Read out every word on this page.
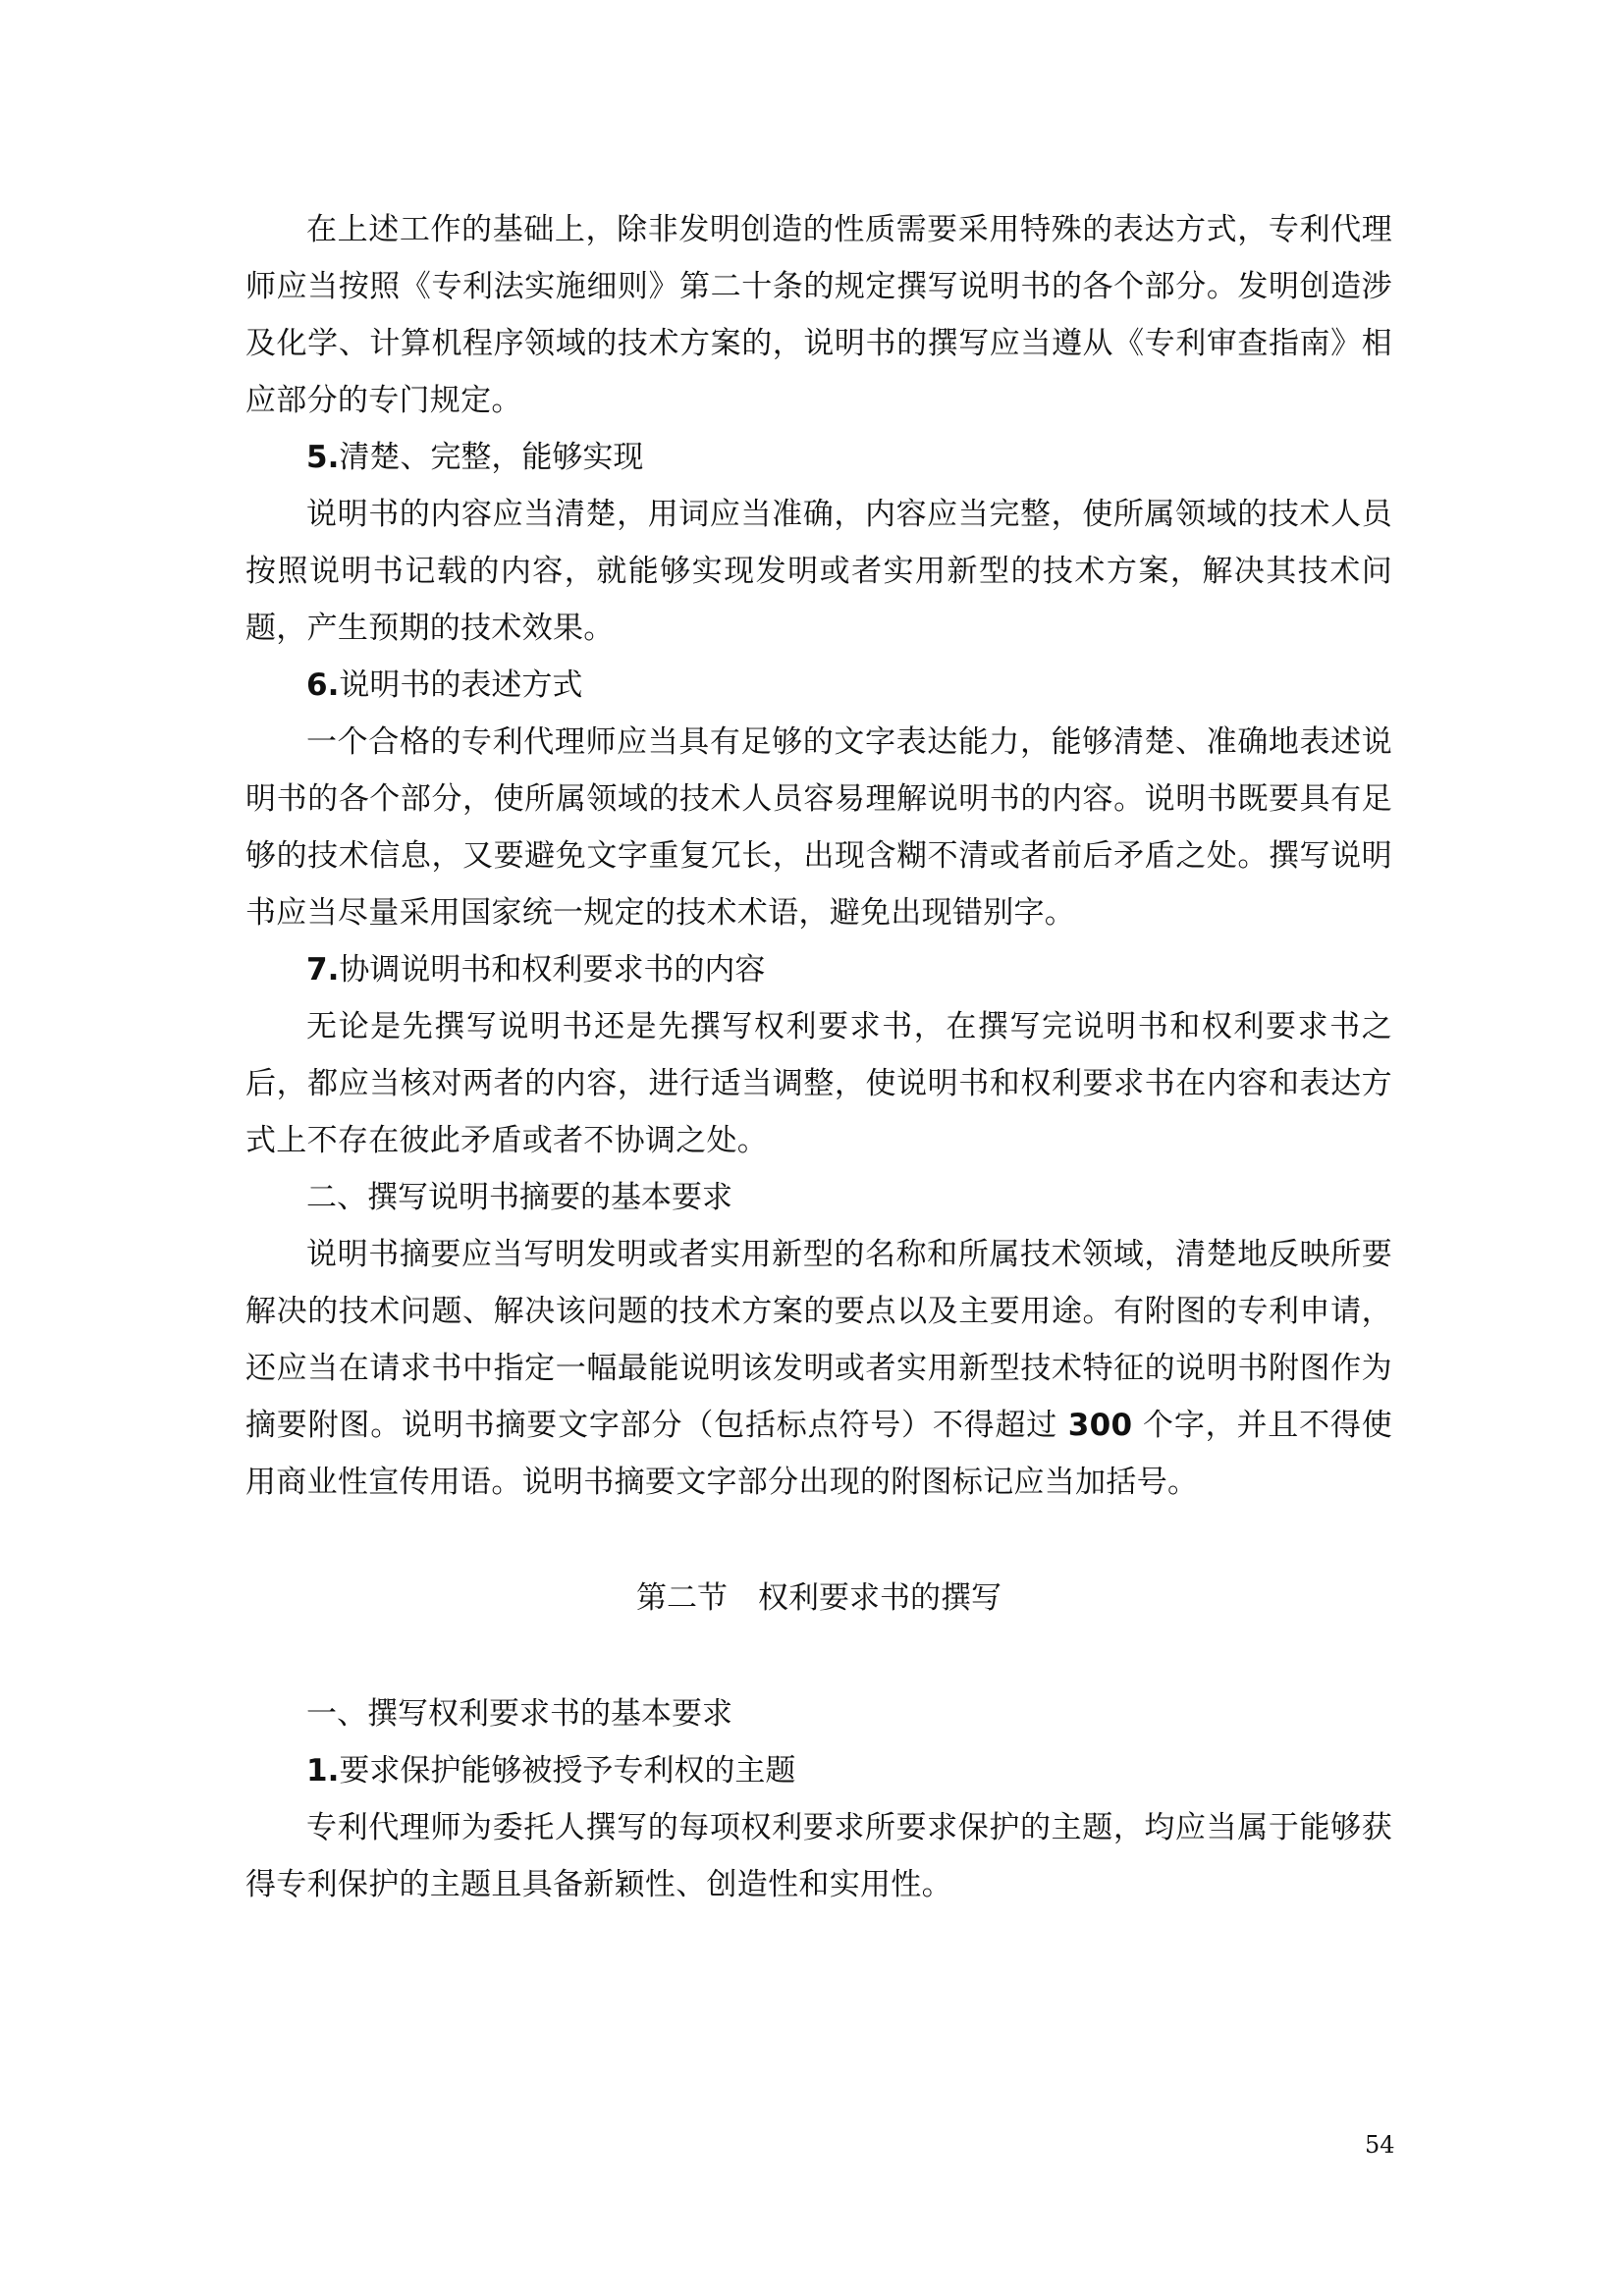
在上述工作的基础上，除非发明创造的性质需要采用特殊的表达方式，专利代理师应当按照《专利法实施细则》第二十条的规定撰写说明书的各个部分。发明创造涉及化学、计算机程序领域的技术方案的，说明书的撰写应当遵从《专利审查指南》相应部分的专门规定。

5.清楚、完整，能够实现

说明书的内容应当清楚，用词应当准确，内容应当完整，使所属领域的技术人员按照说明书记载的内容，就能够实现发明或者实用新型的技术方案，解决其技术问题，产生预期的技术效果。

6.说明书的表述方式

一个合格的专利代理师应当具有足够的文字表达能力，能够清楚、准确地表述说明书的各个部分，使所属领域的技术人员容易理解说明书的内容。说明书既要具有足够的技术信息，又要避免文字重复冗长，出现含糊不清或者前后矛盾之处。撰写说明书应当尽量采用国家统一规定的技术术语，避免出现错别字。

7.协调说明书和权利要求书的内容

无论是先撰写说明书还是先撰写权利要求书，在撰写完说明书和权利要求书之后，都应当核对两者的内容，进行适当调整，使说明书和权利要求书在内容和表达方式上不存在彼此矛盾或者不协调之处。

二、撰写说明书摘要的基本要求

说明书摘要应当写明发明或者实用新型的名称和所属技术领域，清楚地反映所要解决的技术问题、解决该问题的技术方案的要点以及主要用途。有附图的专利申请，还应当在请求书中指定一幅最能说明该发明或者实用新型技术特征的说明书附图作为摘要附图。说明书摘要文字部分（包括标点符号）不得超过 300 个字，并且不得使用商业性宣传用语。说明书摘要文字部分出现的附图标记应当加括号。

第二节　权利要求书的撰写

一、撰写权利要求书的基本要求

1.要求保护能够被授予专利权的主题

专利代理师为委托人撰写的每项权利要求所要求保护的主题，均应当属于能够获得专利保护的主题且具备新颖性、创造性和实用性。

54
